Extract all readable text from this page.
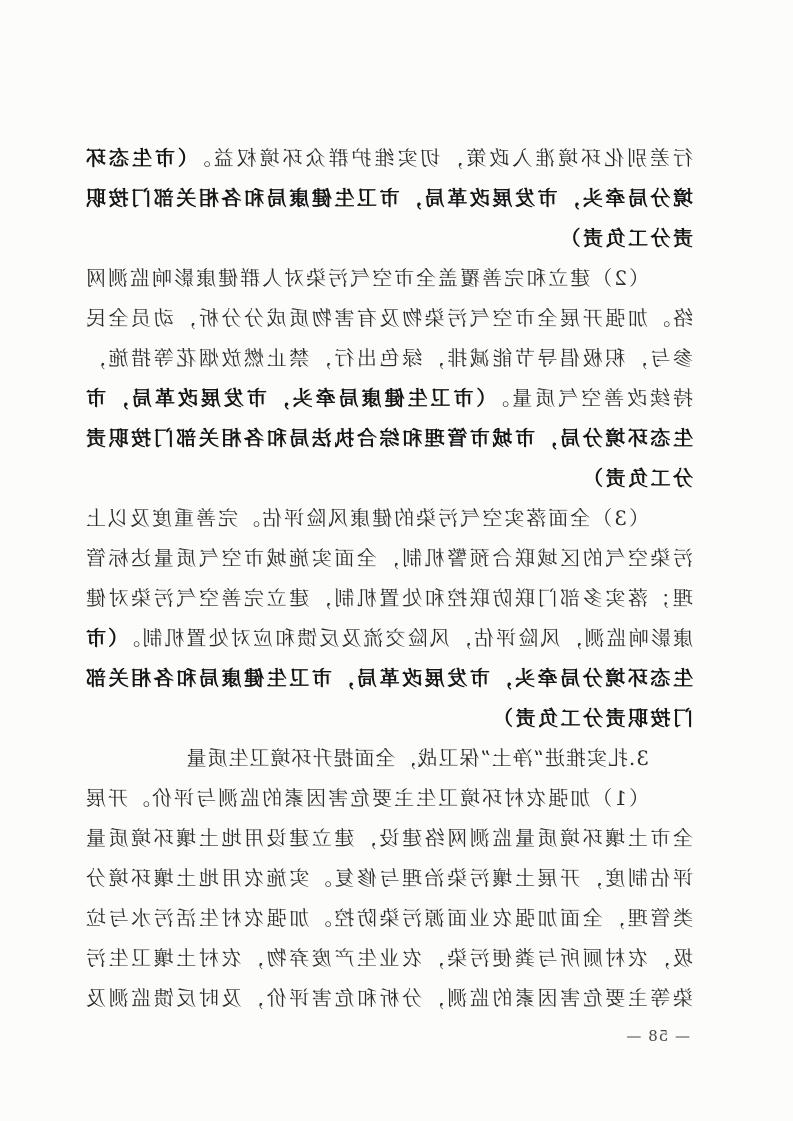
行差别化环境准入政策，切实维护群众环境权益。（市生态环
境分局牵头，市发展改革局，市卫生健康局和各相关部门按职
责分工负责）
（2）建立和完善覆盖全市空气污染对人群健康影响监测网
络。加强开展全市空气污染物及有害物质成分分析，动员全民
参与，积极倡导节能减排，绿色出行，禁止燃放烟花等措施，
持续改善空气质量。（市卫生健康局牵头，市发展改革局，市
生态环境分局，市城市管理和综合执法局和各相关部门按职责
分工负责）
（3）全面落实空气污染的健康风险评估。完善重度及以上
污染空气的区域联合预警机制，全面实施城市空气质量达标管
理；落实多部门联防联控和处置机制，建立完善空气污染对健
康影响监测，风险评估，风险交流及反馈和应对处置机制。（市
生态环境分局牵头，市发展改革局，市卫生健康局和各相关部
门按职责分工负责）
3.扎实推进“净土”保卫战，全面提升环境卫生质量
（1）加强农村环境卫生主要危害因素的监测与评价。开展
全市土壤环境质量监测网络建设，建立建设用地土壤环境质量
评估制度，开展土壤污染治理与修复。实施农用地土壤环境分
类管理，全面加强农业面源污染防控。加强农村生活污水与垃
圾，农村厕所与粪便污染，农业生产废弃物，农村土壤卫生污
染等主要危害因素的监测，分析和危害评价，及时反馈监测及
— 58 —
